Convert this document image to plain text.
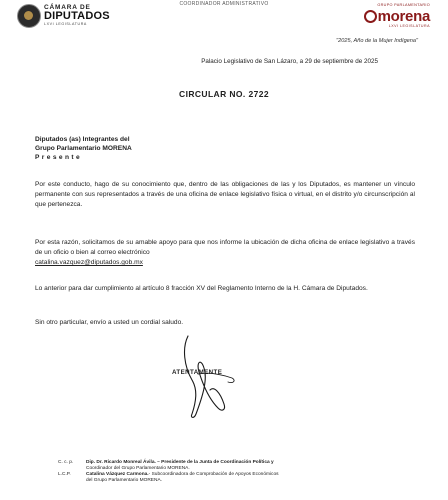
COORDINADOR ADMINISTRATIVO
CÁMARA DE
DIPUTADOS
LXVI LEGISLATURA
GRUPO PARLAMENTARIO
morena
LXVI LEGISLATURA
"2025, Año de la Mujer Indígena"
Palacio Legislativo de San Lázaro, a 29 de septiembre de 2025
CIRCULAR NO. 2722
Diputados (as) Integrantes del
Grupo Parlamentario MORENA
Presente

Por este conducto, hago de su conocimiento que, dentro de las obligaciones de las y los Diputados, es mantener un vínculo permanente con sus representados a través de una oficina de enlace legislativo física o virtual, en el distrito y/o circunscripción al que pertenezca.

Por esta razón, solicitamos de su amable apoyo para que nos informe la ubicación de dicha oficina de enlace legislativo a través de un oficio o bien al correo electrónico
catalina.vazquez@diputados.gob.mx

Lo anterior para dar cumplimiento al artículo 8 fracción XV del Reglamento Interno de la H. Cámara de Diputados.

Sin otro particular, envío a usted un cordial saludo.

ATENTAMENTE
C. c. p.	Dip. Dr. Ricardo Monreal Ávila. – Presidente de la Junta de Coordinación Política y
Coordinador del Grupo Parlamentario MORENA.
L.C.P.	Catalina Vázquez Carmona. - Subcoordinadora de Comprobación de Apoyos Económicos
del Grupo Parlamentario MORENA.
